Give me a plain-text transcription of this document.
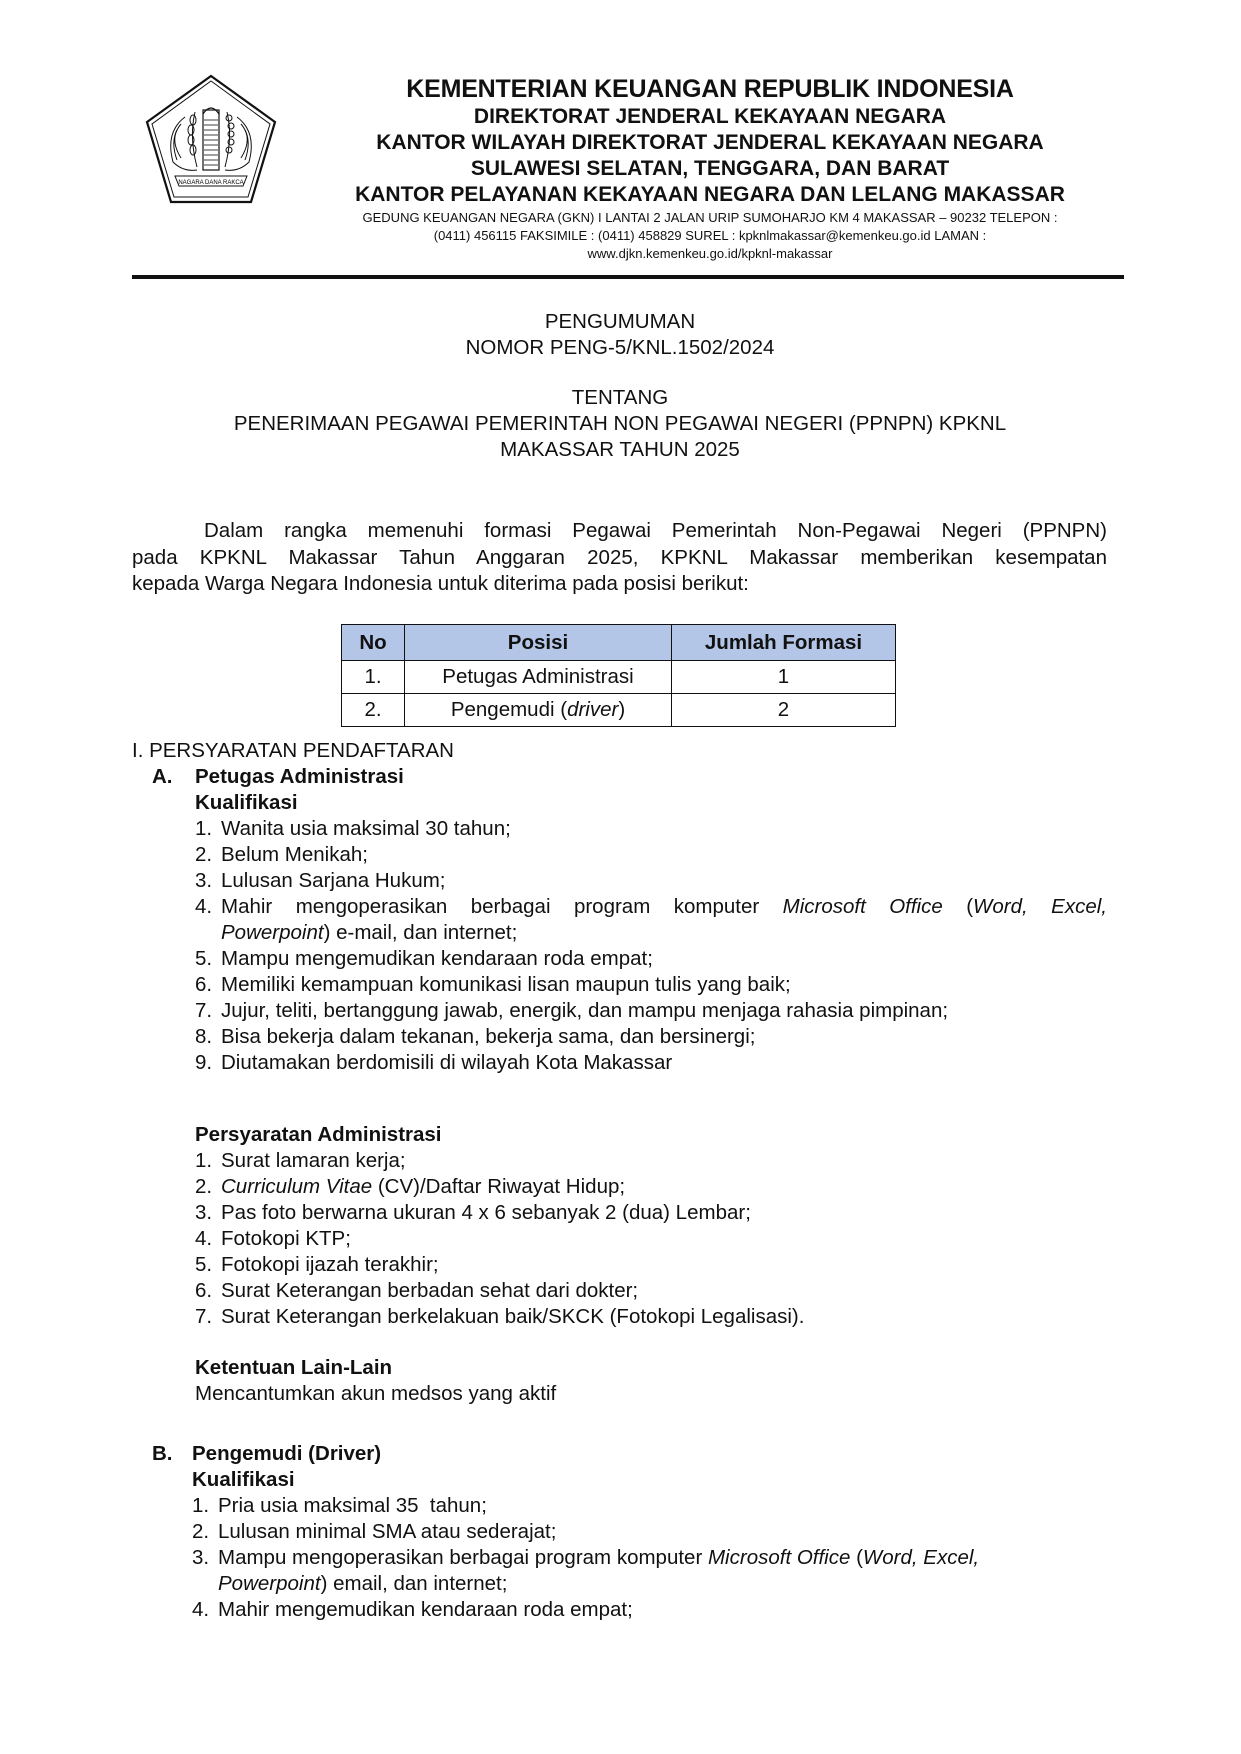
NAGARA DANA RAKCA
KEMENTERIAN KEUANGAN REPUBLIK INDONESIA
DIREKTORAT JENDERAL KEKAYAAN NEGARA
KANTOR WILAYAH DIREKTORAT JENDERAL KEKAYAAN NEGARA
SULAWESI SELATAN, TENGGARA, DAN BARAT
KANTOR PELAYANAN KEKAYAAN NEGARA DAN LELANG MAKASSAR
GEDUNG KEUANGAN NEGARA (GKN) I LANTAI 2 JALAN URIP SUMOHARJO KM 4 MAKASSAR – 90232 TELEPON :
(0411) 456115 FAKSIMILE : (0411) 458829 SUREL : kpknlmakassar@kemenkeu.go.id LAMAN :
www.djkn.kemenkeu.go.id/kpknl-makassar
PENGUMUMAN
NOMOR PENG-5/KNL.1502/2024
TENTANG
PENERIMAAN PEGAWAI PEMERINTAH NON PEGAWAI NEGERI (PPNPN) KPKNL
MAKASSAR TAHUN 2025
Dalam rangka memenuhi formasi Pegawai Pemerintah Non-Pegawai Negeri (PPNPN)
pada KPKNL Makassar Tahun Anggaran 2025, KPKNL Makassar memberikan kesempatan
kepada Warga Negara Indonesia untuk diterima pada posisi berikut:
No	Posisi	Jumlah Formasi
1.	Petugas Administrasi	1
2.	Pengemudi (driver)	2
I. PERSYARATAN PENDAFTARAN
A. Petugas Administrasi
Kualifikasi
1. Wanita usia maksimal 30 tahun;
2. Belum Menikah;
3. Lulusan Sarjana Hukum;
4. Mahir mengoperasikan berbagai program komputer Microsoft Office (Word, Excel,
Powerpoint) e-mail, dan internet;
5. Mampu mengemudikan kendaraan roda empat;
6. Memiliki kemampuan komunikasi lisan maupun tulis yang baik;
7. Jujur, teliti, bertanggung jawab, energik, dan mampu menjaga rahasia pimpinan;
8. Bisa bekerja dalam tekanan, bekerja sama, dan bersinergi;
9. Diutamakan berdomisili di wilayah Kota Makassar
Persyaratan Administrasi
1. Surat lamaran kerja;
2. Curriculum Vitae (CV)/Daftar Riwayat Hidup;
3. Pas foto berwarna ukuran 4 x 6 sebanyak 2 (dua) Lembar;
4. Fotokopi KTP;
5. Fotokopi ijazah terakhir;
6. Surat Keterangan berbadan sehat dari dokter;
7. Surat Keterangan berkelakuan baik/SKCK (Fotokopi Legalisasi).
Ketentuan Lain-Lain
Mencantumkan akun medsos yang aktif
B. Pengemudi (Driver)
Kualifikasi
1. Pria usia maksimal 35  tahun;
2. Lulusan minimal SMA atau sederajat;
3. Mampu mengoperasikan berbagai program komputer Microsoft Office (Word, Excel,
Powerpoint) email, dan internet;
4. Mahir mengemudikan kendaraan roda empat;
